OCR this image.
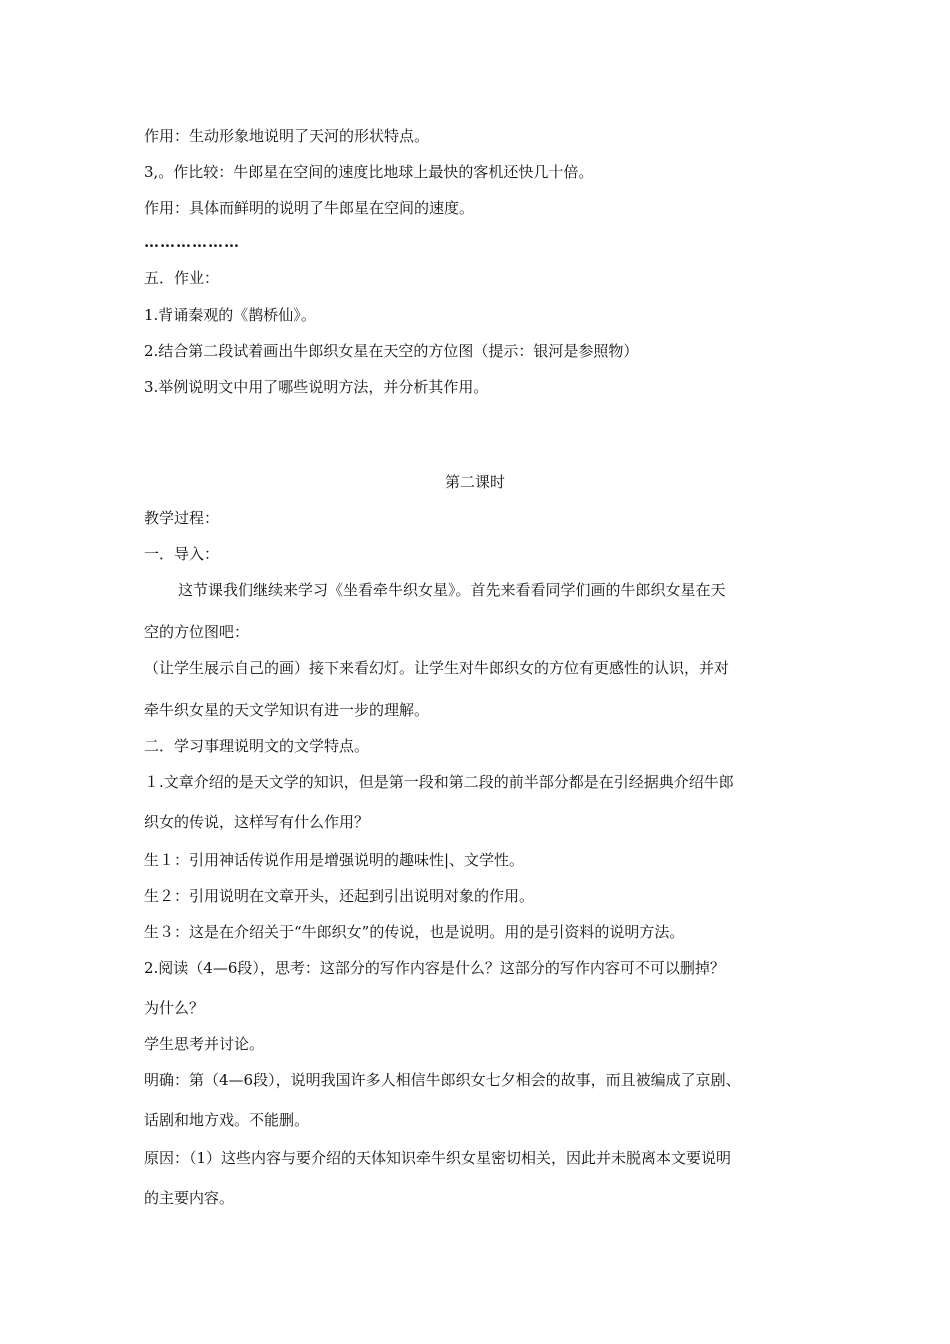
作用：生动形象地说明了天河的形状特点。
3,。作比较：牛郎星在空间的速度比地球上最快的客机还快几十倍。
作用：具体而鲜明的说明了牛郎星在空间的速度。
………………
五．作业：
1.背诵秦观的《鹊桥仙》。
2.结合第二段试着画出牛郎织女星在天空的方位图（提示：银河是参照物）
3.举例说明文中用了哪些说明方法，并分析其作用。
第二课时
教学过程：
一．导入：
这节课我们继续来学习《坐看牵牛织女星》。首先来看看同学们画的牛郎织女星在天
空的方位图吧：
（让学生展示自己的画）接下来看幻灯。让学生对牛郎织女的方位有更感性的认识，并对
牵牛织女星的天文学知识有进一步的理解。
二．学习事理说明文的文学特点。
１.文章介绍的是天文学的知识，但是第一段和第二段的前半部分都是在引经据典介绍牛郎
织女的传说，这样写有什么作用？
生１：引用神话传说作用是增强说明的趣味性|、文学性。
生２：引用说明在文章开头，还起到引出说明对象的作用。
生３：这是在介绍关于“牛郎织女”的传说，也是说明。用的是引资料的说明方法。
2.阅读（4—6段），思考：这部分的写作内容是什么？这部分的写作内容可不可以删掉？
为什么？
学生思考并讨论。
明确：第（4—6段），说明我国许多人相信牛郎织女七夕相会的故事，而且被编成了京剧、
话剧和地方戏。不能删。
原因：（1）这些内容与要介绍的天体知识牵牛织女星密切相关，因此并未脱离本文要说明
的主要内容。
